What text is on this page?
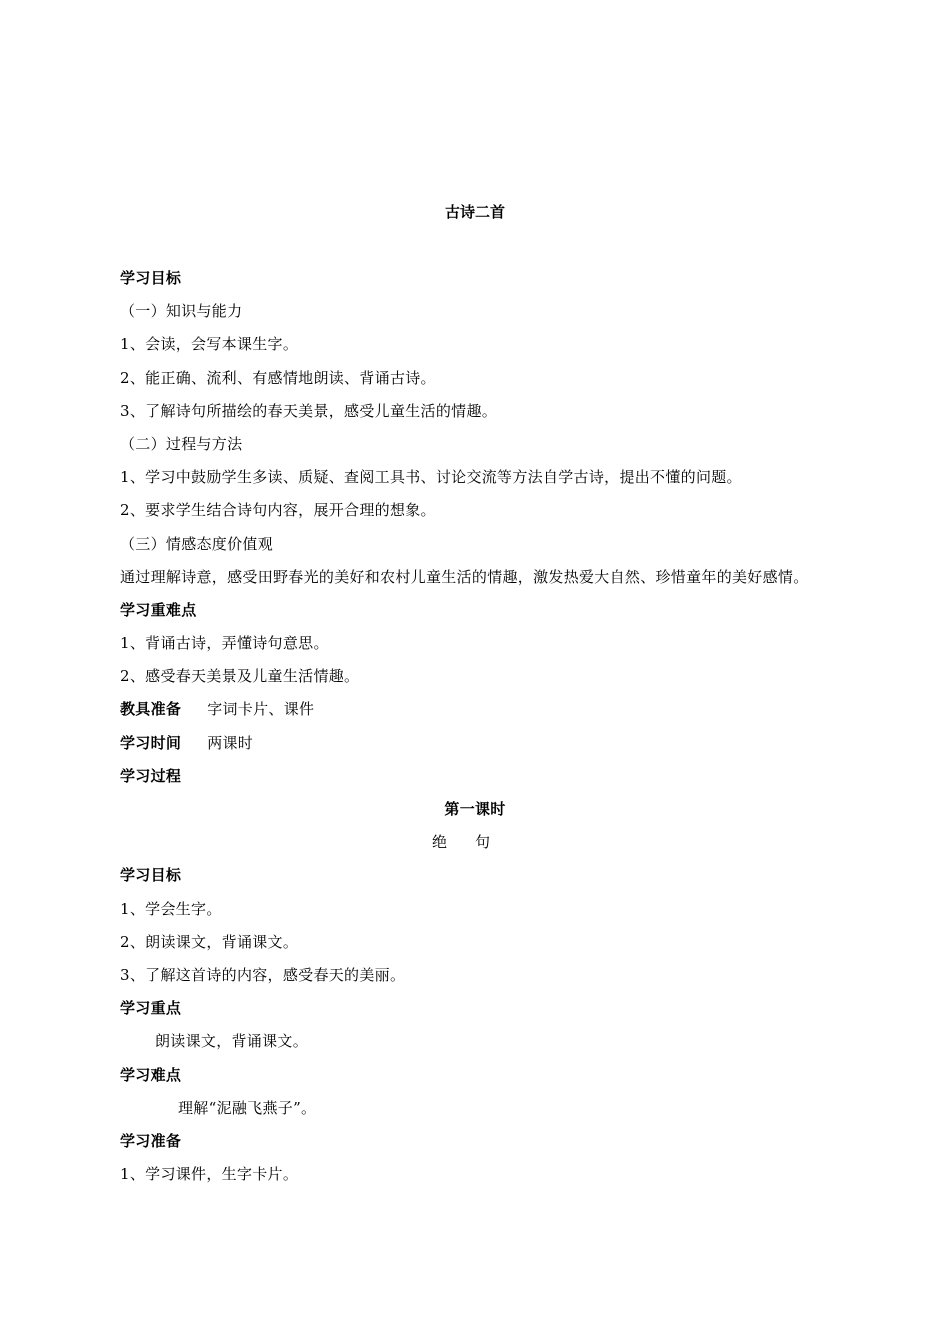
古诗二首
学习目标
（一）知识与能力
1、会读，会写本课生字。
2、能正确、流利、有感情地朗读、背诵古诗。
3、了解诗句所描绘的春天美景，感受儿童生活的情趣。
（二）过程与方法
1、学习中鼓励学生多读、质疑、查阅工具书、讨论交流等方法自学古诗，提出不懂的问题。
2、要求学生结合诗句内容，展开合理的想象。
（三）情感态度价值观
通过理解诗意，感受田野春光的美好和农村儿童生活的情趣，激发热爱大自然、珍惜童年的美好感情。
学习重难点
1、背诵古诗，弄懂诗句意思。
2、感受春天美景及儿童生活情趣。
教具准备 字词卡片、课件
学习时间 两课时
学习过程
第一课时
绝句
学习目标
1、学会生字。
2、朗读课文，背诵课文。
3、了解这首诗的内容，感受春天的美丽。
学习重点
朗读课文，背诵课文。
学习难点
理解“泥融飞燕子”。
学习准备
1、学习课件，生字卡片。
